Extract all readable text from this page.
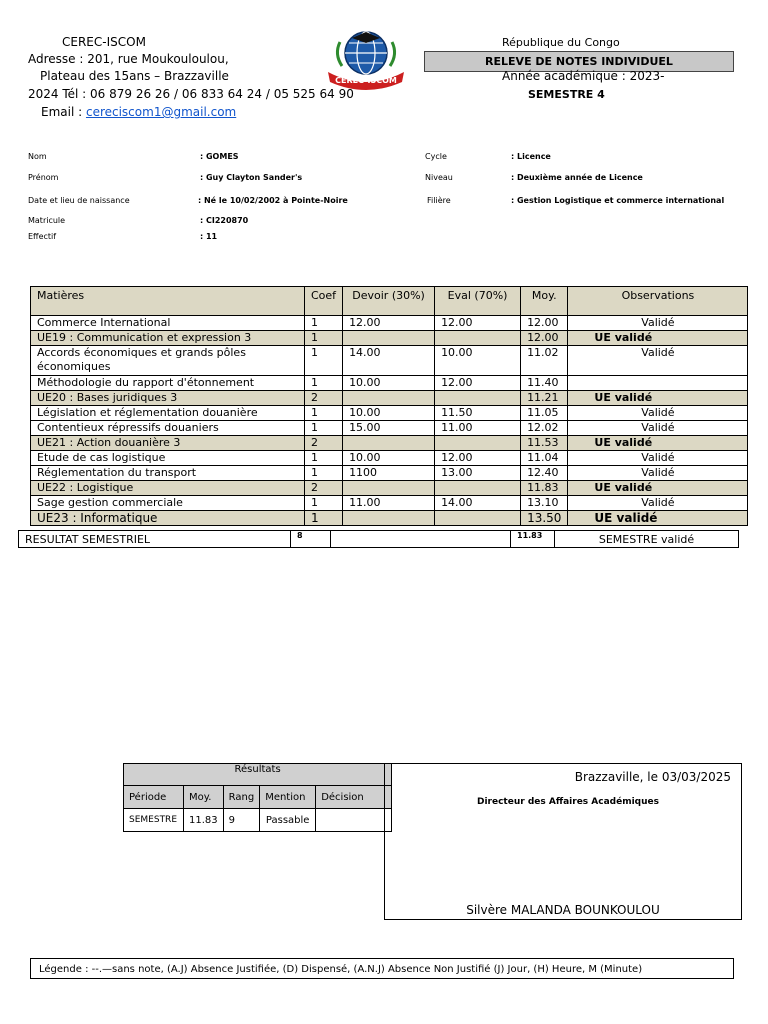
CEREC-ISCOM
Adresse : 201, rue Moukouloulou,
Plateau des 15ans – Brazzaville
2024 Tél : 06 879 26 26 / 06 833 64 24 / 05 525 64 90
Email : cereciscom1@gmail.com
CEREC-ISCOM
République du Congo
RELEVE DE NOTES INDIVIDUEL
Année académique : 2023-
SEMESTRE 4
Nom	: GOMES
Prénom	: Guy Clayton Sander's
Date et lieu de naissance	: Né le 10/02/2002 à Pointe-Noire
Matricule	: CI220870
Effectif	: 11
Cycle	: Licence
Niveau	: Deuxième année de Licence
Filière	: Gestion Logistique et commerce international
Matières	Coef	Devoir (30%)	Eval (70%)	Moy.	Observations
Commerce International	1	12.00	12.00	12.00	Validé
UE19 : Communication et expression 3	1			12.00	UE validé
Accords économiques et grands pôles économiques	1	14.00	10.00	11.02	Validé
Méthodologie du rapport d'étonnement	1	10.00	12.00	11.40	
UE20 : Bases juridiques 3	2			11.21	UE validé
Législation et réglementation douanière	1	10.00	11.50	11.05	Validé
Contentieux répressifs douaniers	1	15.00	11.00	12.02	Validé
UE21 : Action douanière 3	2			11.53	UE validé
Etude de cas logistique	1	10.00	12.00	11.04	Validé
Réglementation du transport	1	1100	13.00	12.40	Validé
UE22 : Logistique	2			11.83	UE validé
Sage gestion commerciale	1	11.00	14.00	13.10	Validé
UE23 : Informatique	1			13.50	UE validé
RESULTAT SEMESTRIEL	8		11.83	SEMESTRE validé
Résultats				
Période	Moy.	Rang	Mention	Décision
SEMESTRE	11.83	9	Passable	
Brazzaville, le 03/03/2025
Directeur des Affaires Académiques
Silvère MALANDA BOUNKOULOU
Légende : --.—sans note, (A.J) Absence Justifiée, (D) Dispensé, (A.N.J) Absence Non Justifié (J) Jour, (H) Heure, M (Minute)
